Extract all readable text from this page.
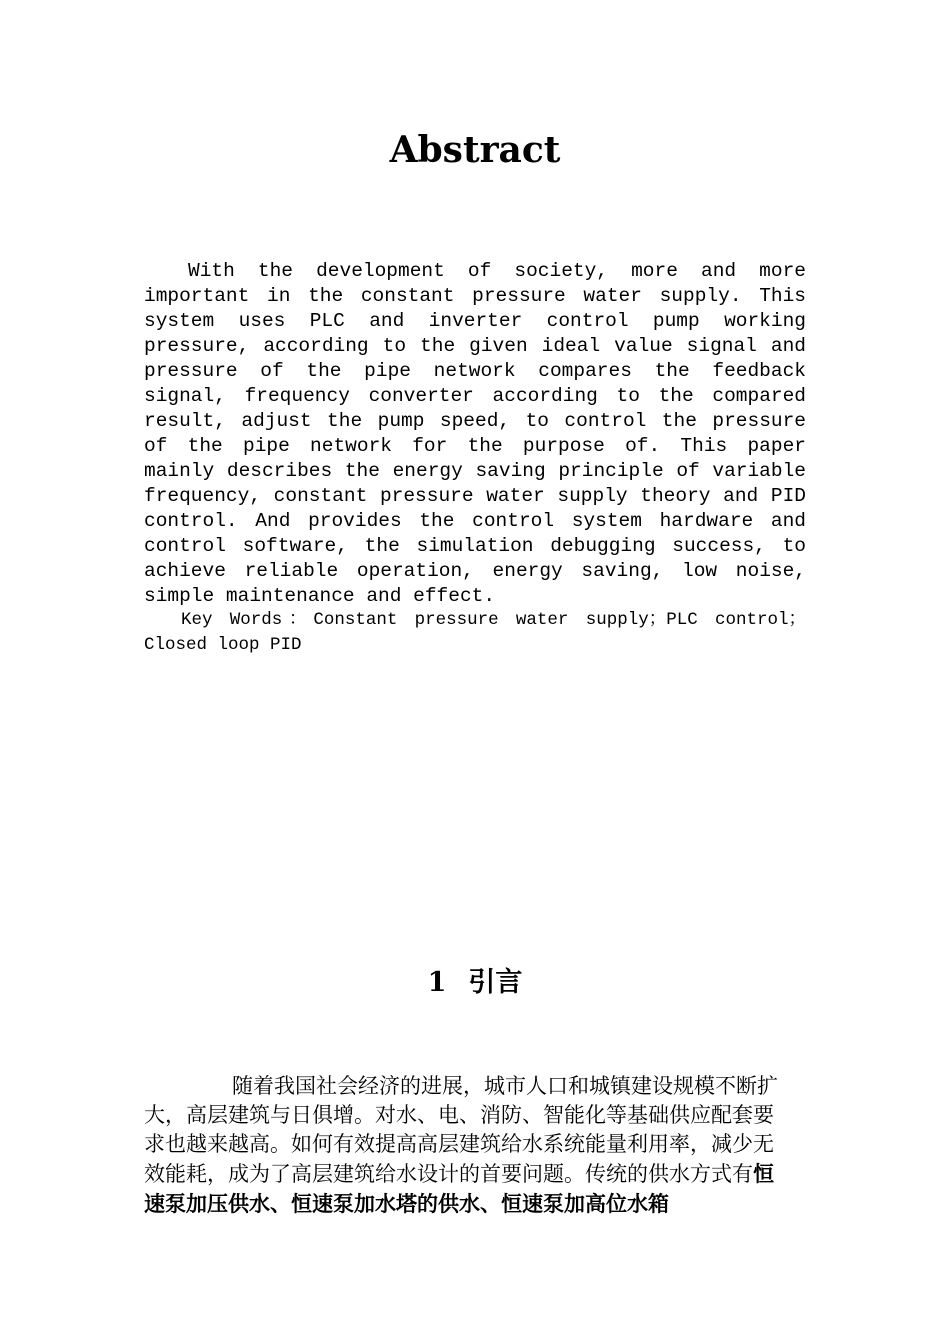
Abstract

With the development of society, more and more important in the constant pressure water supply. This system uses PLC and inverter control pump working pressure, according to the given ideal value signal and pressure of the pipe network compares the feedback signal, frequency converter according to the compared result, adjust the pump speed, to control the pressure of the pipe network for the purpose of. This paper mainly describes the energy saving principle of variable frequency, constant pressure water supply theory and PID control. And provides the control system hardware and control software, the simulation debugging success, to achieve reliable operation, energy saving, low noise, simple maintenance and effect.

Key Words：Constant pressure water supply；PLC control；Closed loop PID

1 引言

随着我国社会经济的进展，城市人口和城镇建设规模不断扩大，高层建筑与日俱增。对水、电、消防、智能化等基础供应配套要求也越来越高。如何有效提高高层建筑给水系统能量利用率，减少无效能耗，成为了高层建筑给水设计的首要问题。传统的供水方式有恒速泵加压供水、恒速泵加水塔的供水、恒速泵加高位水箱
